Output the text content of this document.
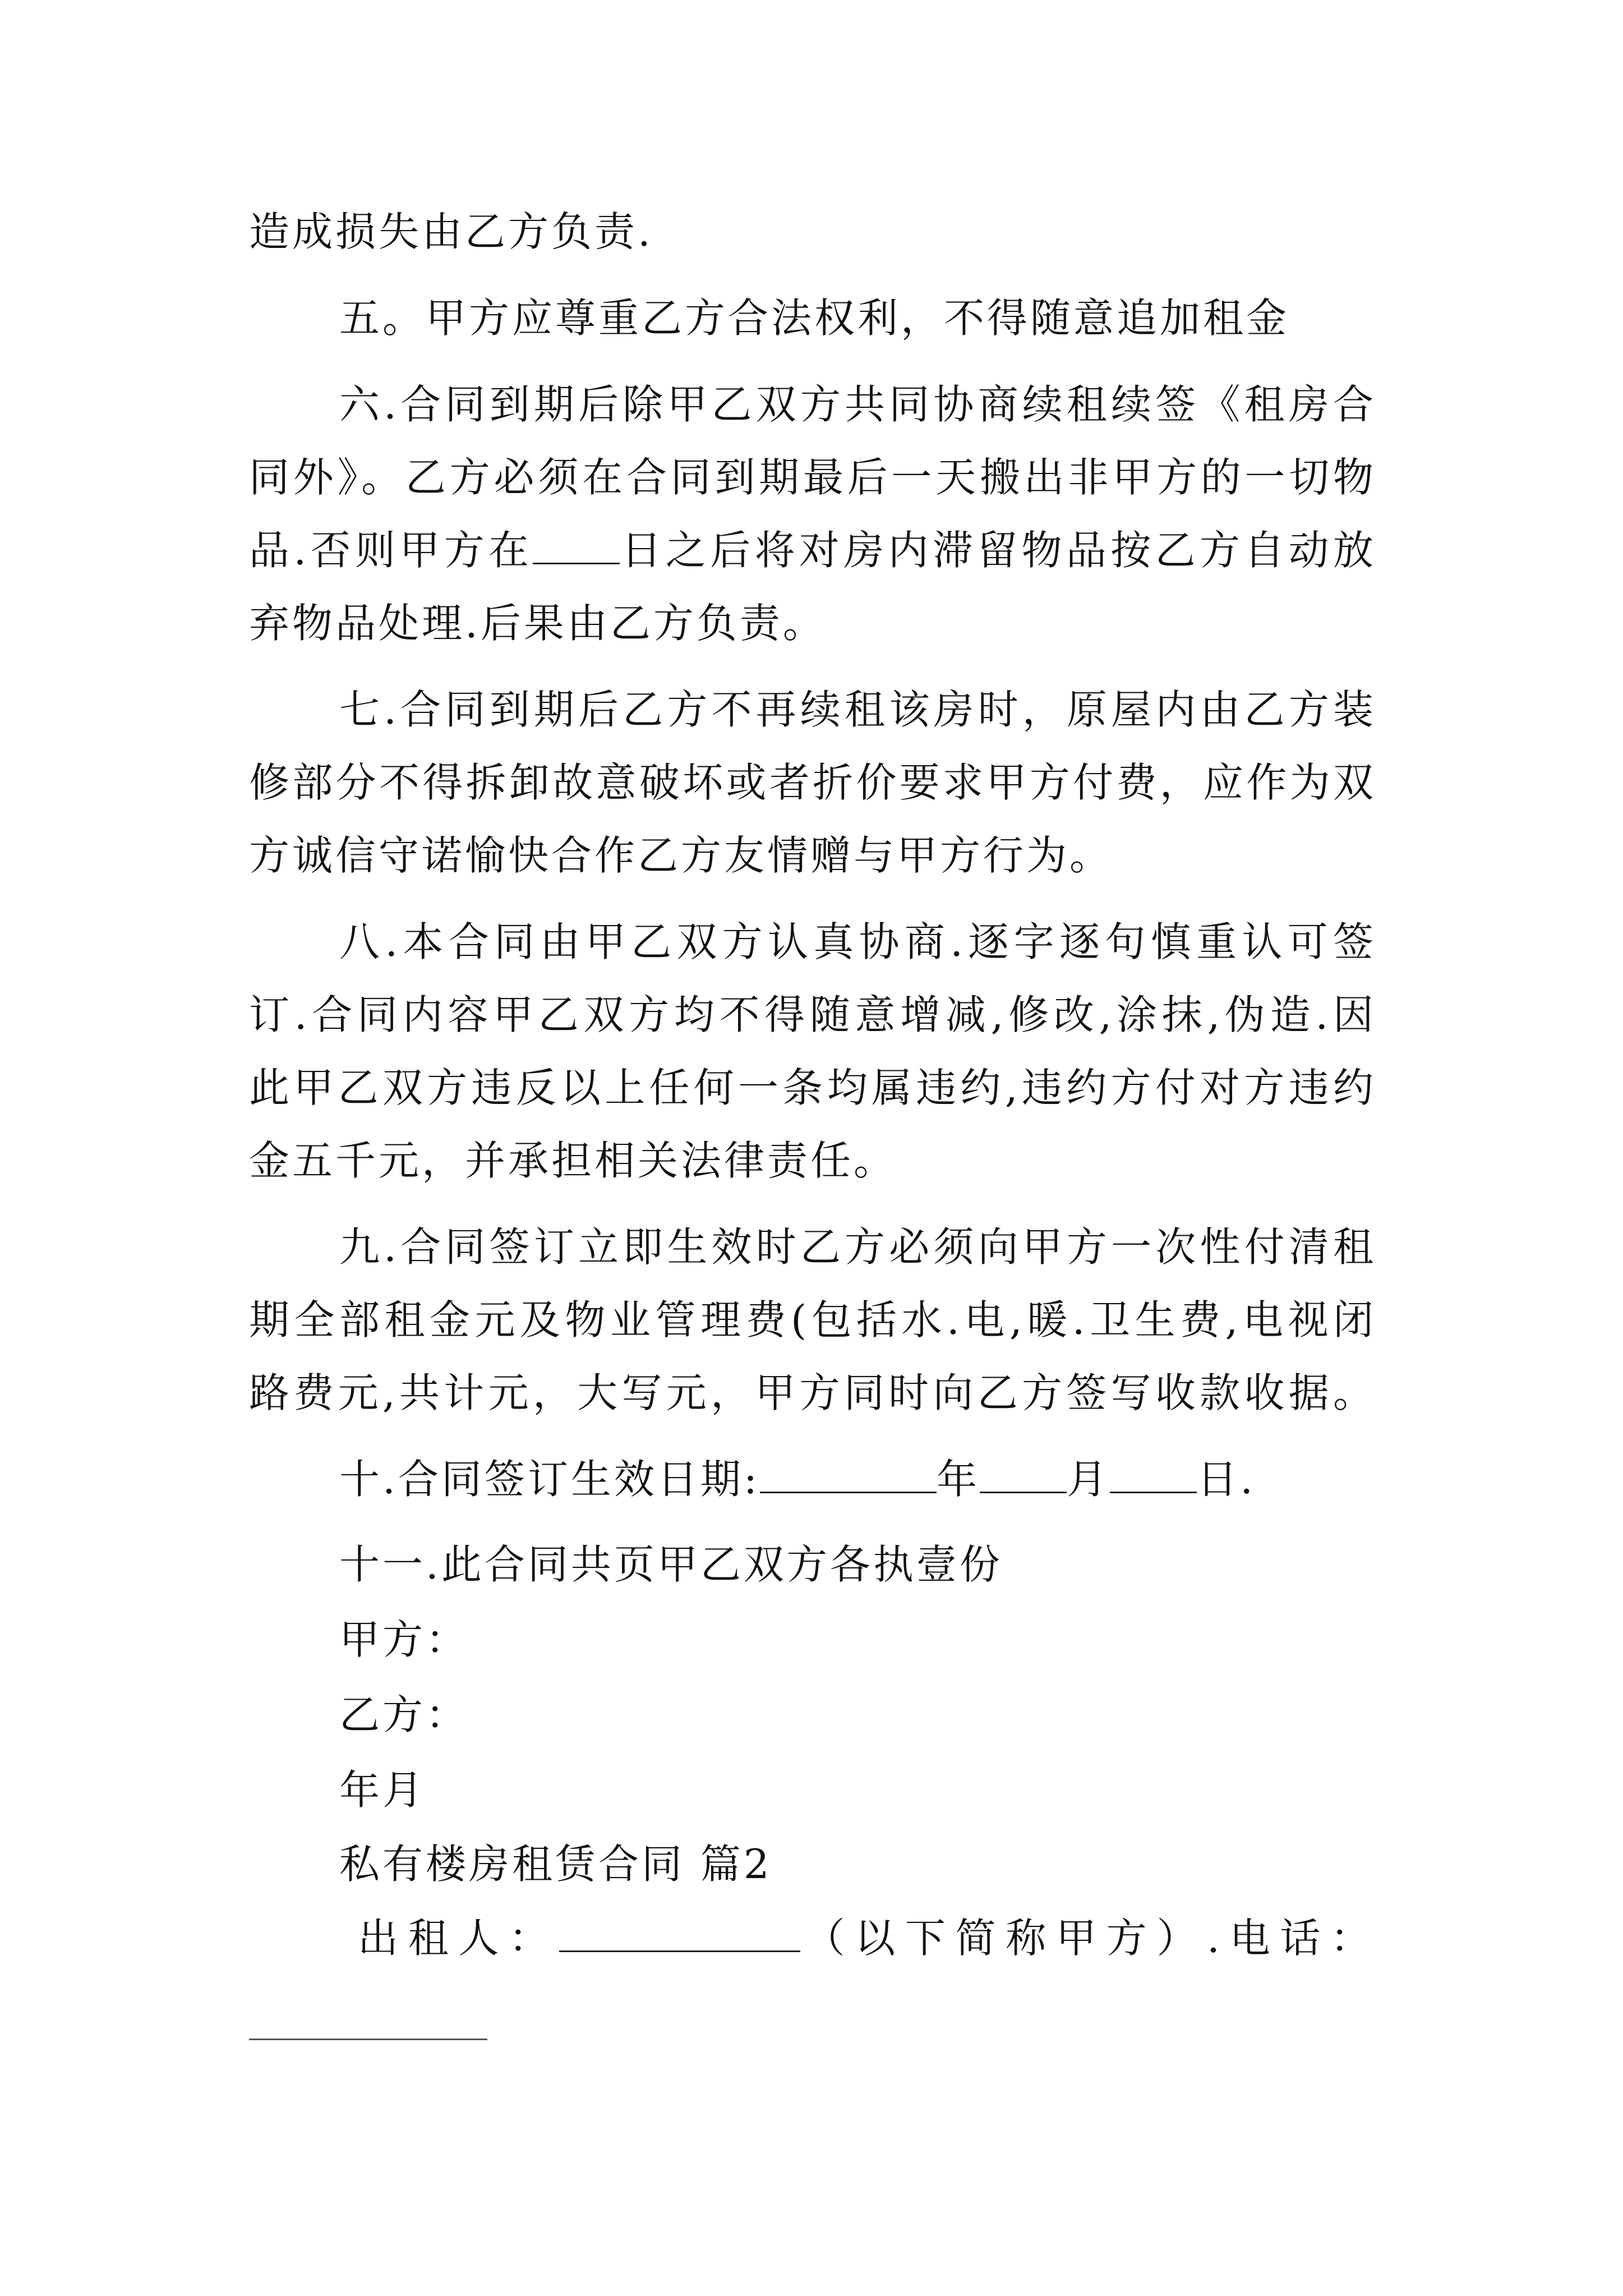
造成损失由乙方负责.
五。甲方应尊重乙方合法权利，不得随意追加租金
六.合同到期后除甲乙双方共同协商续租续签《租房合
同外》。乙方必须在合同到期最后一天搬出非甲方的一切物
品.否则甲方在 日之后将对房内滞留物品按乙方自动放
弃物品处理.后果由乙方负责。
七.合同到期后乙方不再续租该房时，原屋内由乙方装
修部分不得拆卸故意破坏或者折价要求甲方付费，应作为双
方诚信守诺愉快合作乙方友情赠与甲方行为。
八.本合同由甲乙双方认真协商.逐字逐句慎重认可签
订.合同内容甲乙双方均不得随意增减,修改,涂抹,伪造.因
此甲乙双方违反以上任何一条均属违约,违约方付对方违约
金五千元，并承担相关法律责任。
九.合同签订立即生效时乙方必须向甲方一次性付清租
期全部租金元及物业管理费(包括水.电,暖.卫生费,电视闭
路费元,共计元，大写元，甲方同时向乙方签写收款收据。
十.合同签订生效日期:	年 月 日.
十一.此合同共页甲乙双方各执壹份
甲方：
乙方：
年月
私有楼房租赁合同 篇2
出租人：	（以下简称甲方）.电话：
